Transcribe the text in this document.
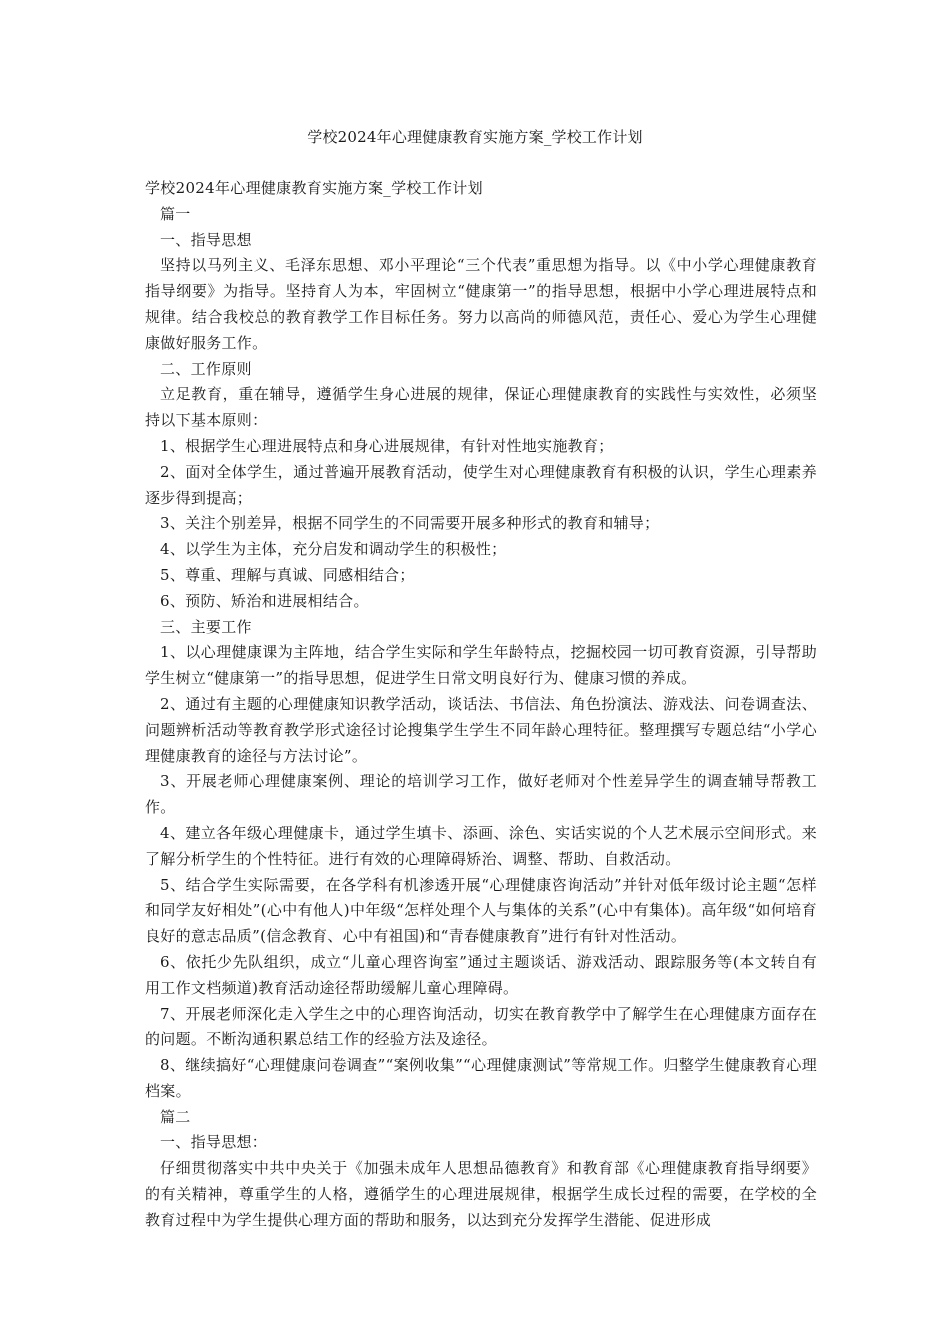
学校2024年心理健康教育实施方案_学校工作计划

学校2024年心理健康教育实施方案_学校工作计划

篇一

一、指导思想

坚持以马列主义、毛泽东思想、邓小平理论“三个代表”重思想为指导。以《中小学心理健康教育指导纲要》为指导。坚持育人为本，牢固树立“健康第一”的指导思想，根据中小学心理进展特点和规律。结合我校总的教育教学工作目标任务。努力以高尚的师德风范，责任心、爱心为学生心理健康做好服务工作。

二、工作原则

立足教育，重在辅导，遵循学生身心进展的规律，保证心理健康教育的实践性与实效性，必须坚持以下基本原则：

1、根据学生心理进展特点和身心进展规律，有针对性地实施教育；

2、面对全体学生，通过普遍开展教育活动，使学生对心理健康教育有积极的认识，学生心理素养逐步得到提高；

3、关注个别差异，根据不同学生的不同需要开展多种形式的教育和辅导；

4、以学生为主体，充分启发和调动学生的积极性；

5、尊重、理解与真诚、同感相结合；

6、预防、矫治和进展相结合。

三、主要工作

1、以心理健康课为主阵地，结合学生实际和学生年龄特点，挖掘校园一切可教育资源，引导帮助学生树立“健康第一”的指导思想，促进学生日常文明良好行为、健康习惯的养成。

2、通过有主题的心理健康知识教学活动，谈话法、书信法、角色扮演法、游戏法、问卷调查法、问题辨析活动等教育教学形式途径讨论搜集学生学生不同年龄心理特征。整理撰写专题总结“小学心理健康教育的途径与方法讨论”。

3、开展老师心理健康案例、理论的培训学习工作，做好老师对个性差异学生的调查辅导帮教工作。

4、建立各年级心理健康卡，通过学生填卡、添画、涂色、实话实说的个人艺术展示空间形式。来了解分析学生的个性特征。进行有效的心理障碍矫治、调整、帮助、自救活动。

5、结合学生实际需要，在各学科有机渗透开展“心理健康咨询活动”并针对低年级讨论主题“怎样和同学友好相处”(心中有他人)中年级“怎样处理个人与集体的关系”(心中有集体)。高年级“如何培育良好的意志品质”(信念教育、心中有祖国)和“青春健康教育”进行有针对性活动。

6、依托少先队组织，成立“儿童心理咨询室”通过主题谈话、游戏活动、跟踪服务等(本文转自有用工作文档频道)教育活动途径帮助缓解儿童心理障碍。

7、开展老师深化走入学生之中的心理咨询活动，切实在教育教学中了解学生在心理健康方面存在的问题。不断沟通积累总结工作的经验方法及途径。

8、继续搞好“心理健康问卷调查”“案例收集”“心理健康测试”等常规工作。归整学生健康教育心理档案。

篇二

一、指导思想：

仔细贯彻落实中共中央关于《加强未成年人思想品德教育》和教育部《心理健康教育指导纲要》的有关精神，尊重学生的人格，遵循学生的心理进展规律，根据学生成长过程的需要，在学校的全教育过程中为学生提供心理方面的帮助和服务，以达到充分发挥学生潜能、促进形成
